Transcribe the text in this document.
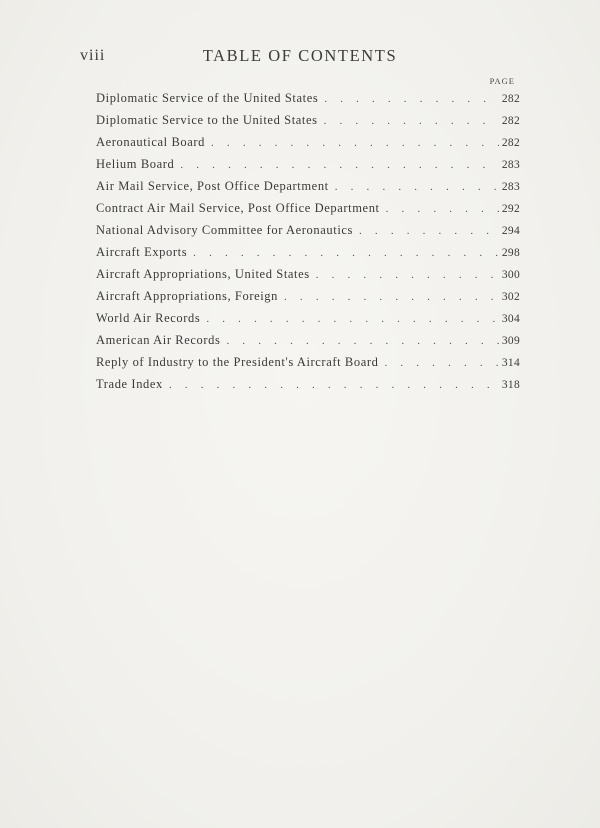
viii	TABLE OF CONTENTS
PAGE
Diplomatic Service of the United States . . .	282
Diplomatic Service to the United States . . .	282
Aeronautical Board . . .	282
Helium Board . . .	283
Air Mail Service, Post Office Department . . .	283
Contract Air Mail Service, Post Office Department . . .	292
National Advisory Committee for Aeronautics . . .	294
Aircraft Exports . . .	298
Aircraft Appropriations, United States . . .	300
Aircraft Appropriations, Foreign . . .	302
World Air Records . . .	304
American Air Records . . .	309
Reply of Industry to the President's Aircraft Board . . .	314
Trade Index . . .	318
